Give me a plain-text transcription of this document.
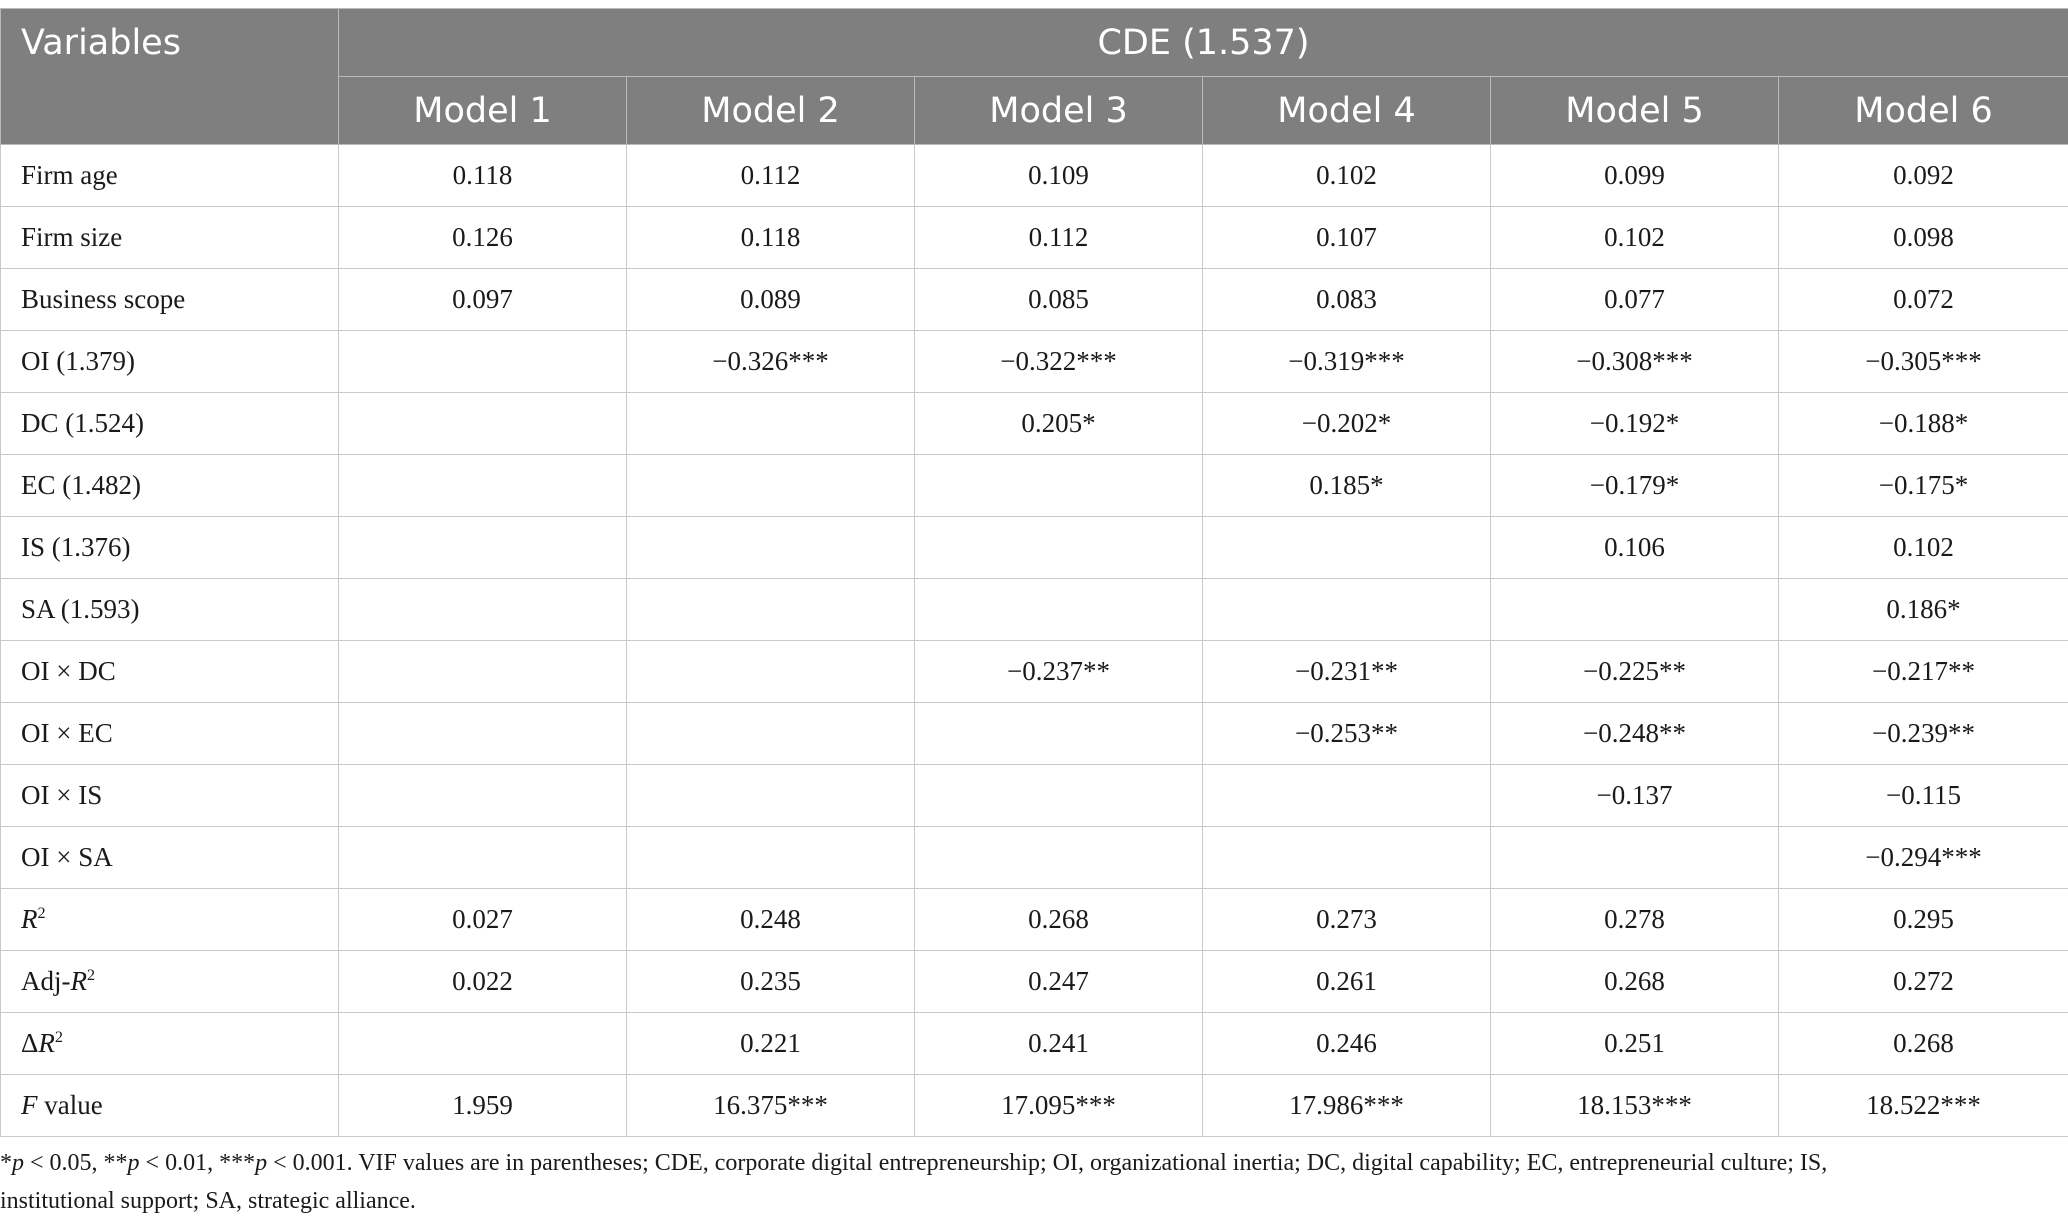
Variables	CDE (1.537)					
	Model 1	Model 2	Model 3	Model 4	Model 5	Model 6
Firm age	0.118	0.112	0.109	0.102	0.099	0.092
Firm size	0.126	0.118	0.112	0.107	0.102	0.098
Business scope	0.097	0.089	0.085	0.083	0.077	0.072
OI (1.379)		−0.326***	−0.322***	−0.319***	−0.308***	−0.305***
DC (1.524)			0.205*	−0.202*	−0.192*	−0.188*
EC (1.482)				0.185*	−0.179*	−0.175*
IS (1.376)					0.106	0.102
SA (1.593)						0.186*
OI × DC			−0.237**	−0.231**	−0.225**	−0.217**
OI × EC				−0.253**	−0.248**	−0.239**
OI × IS					−0.137	−0.115
OI × SA						−0.294***
$R^2$	0.027	0.248	0.268	0.273	0.278	0.295
Adj-$R^2$	0.022	0.235	0.247	0.261	0.268	0.272
$\Delta R^2$		0.221	0.241	0.246	0.251	0.268
F value	1.959	16.375***	17.095***	17.986***	18.153***	18.522***

*p < 0.05, **p < 0.01, ***p < 0.001. VIF values are in parentheses; CDE, corporate digital entrepreneurship; OI, organizational inertia; DC, digital capability; EC, entrepreneurial culture; IS,

institutional support; SA, strategic alliance.
